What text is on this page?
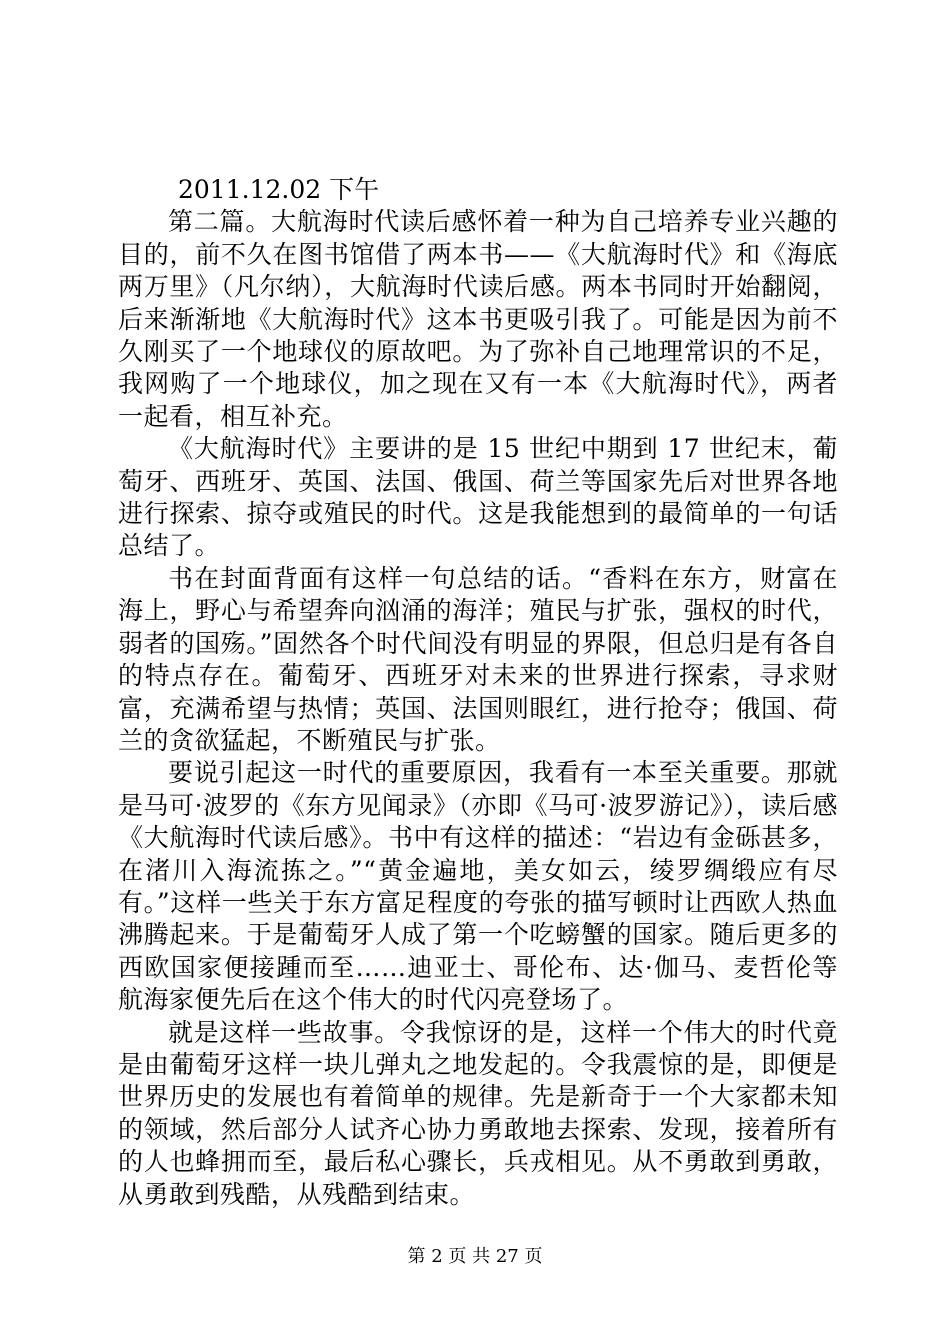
2011.12.02 下午

第二篇。大航海时代读后感怀着一种为自己培养专业兴趣的目的，前不久在图书馆借了两本书——《大航海时代》和《海底两万里》（凡尔纳），大航海时代读后感。两本书同时开始翻阅，后来渐渐地《大航海时代》这本书更吸引我了。可能是因为前不久刚买了一个地球仪的原故吧。为了弥补自己地理常识的不足，我网购了一个地球仪，加之现在又有一本《大航海时代》，两者一起看，相互补充。

《大航海时代》主要讲的是 15 世纪中期到 17 世纪末，葡萄牙、西班牙、英国、法国、俄国、荷兰等国家先后对世界各地进行探索、掠夺或殖民的时代。这是我能想到的最简单的一句话总结了。

书在封面背面有这样一句总结的话。“香料在东方，财富在海上，野心与希望奔向汹涌的海洋；殖民与扩张，强权的时代，弱者的国殇。”固然各个时代间没有明显的界限，但总归是有各自的特点存在。葡萄牙、西班牙对未来的世界进行探索，寻求财富，充满希望与热情；英国、法国则眼红，进行抢夺；俄国、荷兰的贪欲猛起，不断殖民与扩张。

要说引起这一时代的重要原因，我看有一本至关重要。那就是马可·波罗的《东方见闻录》（亦即《马可·波罗游记》），读后感《大航海时代读后感》。书中有这样的描述：“岩边有金砾甚多，在渚川入海流拣之。”“黄金遍地，美女如云，绫罗绸缎应有尽有。”这样一些关于东方富足程度的夸张的描写顿时让西欧人热血沸腾起来。于是葡萄牙人成了第一个吃螃蟹的国家。随后更多的西欧国家便接踵而至……迪亚士、哥伦布、达·伽马、麦哲伦等航海家便先后在这个伟大的时代闪亮登场了。

就是这样一些故事。令我惊讶的是，这样一个伟大的时代竟是由葡萄牙这样一块儿弹丸之地发起的。令我震惊的是，即便是世界历史的发展也有着简单的规律。先是新奇于一个大家都未知的领域，然后部分人试齐心协力勇敢地去探索、发现，接着所有的人也蜂拥而至，最后私心骤长，兵戎相见。从不勇敢到勇敢，从勇敢到残酷，从残酷到结束。

第 2 页 共 27 页
